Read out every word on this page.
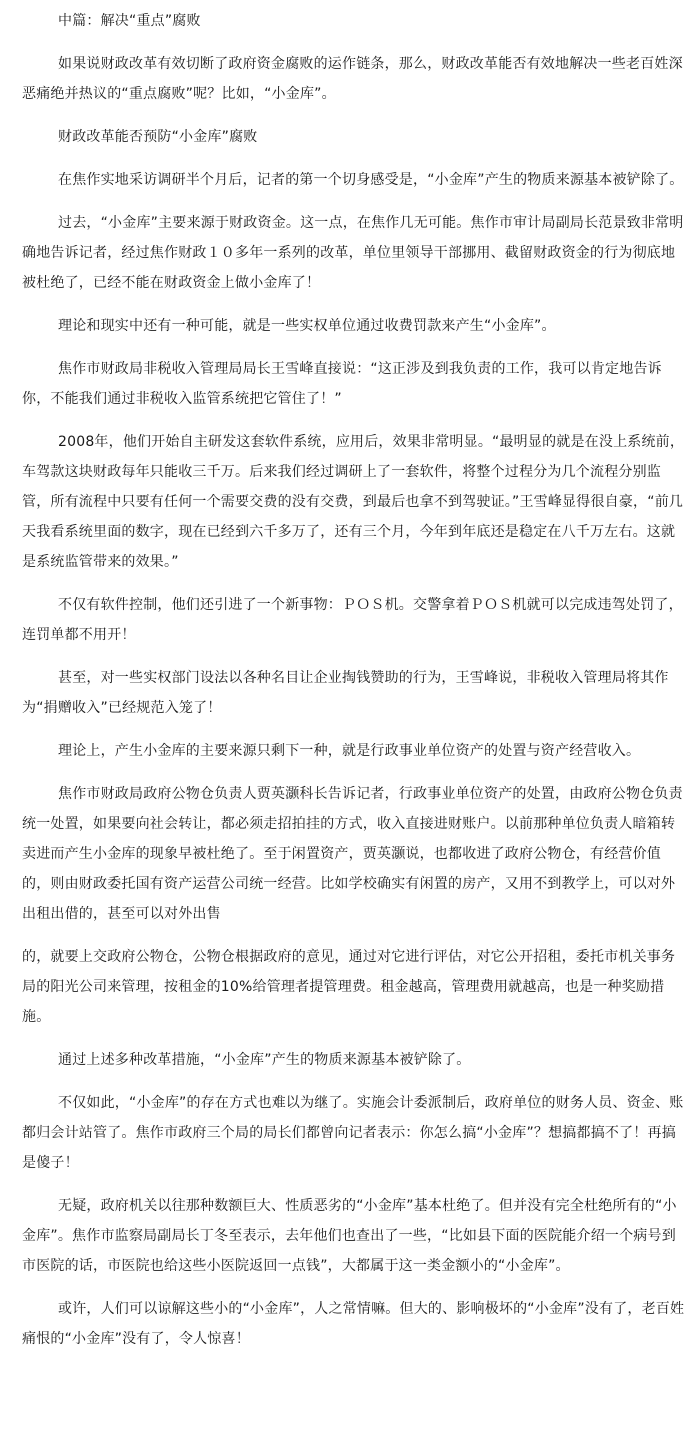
中篇：解决“重点”腐败

如果说财政改革有效切断了政府资金腐败的运作链条，那么，财政改革能否有效地解决一些老百姓深恶痛绝并热议的“重点腐败”呢？比如，“小金库”。

财政改革能否预防“小金库”腐败

在焦作实地采访调研半个月后，记者的第一个切身感受是，“小金库”产生的物质来源基本被铲除了。

过去，“小金库”主要来源于财政资金。这一点，在焦作几无可能。焦作市审计局副局长范景致非常明确地告诉记者，经过焦作财政１０多年一系列的改革，单位里领导干部挪用、截留财政资金的行为彻底地被杜绝了，已经不能在财政资金上做小金库了！

理论和现实中还有一种可能，就是一些实权单位通过收费罚款来产生“小金库”。

焦作市财政局非税收入管理局局长王雪峰直接说：“这正涉及到我负责的工作，我可以肯定地告诉你，不能我们通过非税收入监管系统把它管住了！”

2008年，他们开始自主研发这套软件系统，应用后，效果非常明显。“最明显的就是在没上系统前，车驾款这块财政每年只能收三千万。后来我们经过调研上了一套软件，将整个过程分为几个流程分别监管，所有流程中只要有任何一个需要交费的没有交费，到最后也拿不到驾驶证。”王雪峰显得很自豪，“前几天我看系统里面的数字，现在已经到六千多万了，还有三个月，今年到年底还是稳定在八千万左右。这就是系统监管带来的效果。”

不仅有软件控制，他们还引进了一个新事物：ＰＯＳ机。交警拿着ＰＯＳ机就可以完成违驾处罚了，连罚单都不用开！

甚至，对一些实权部门设法以各种名目让企业掏钱赞助的行为，王雪峰说，非税收入管理局将其作为“捐赠收入”已经规范入笼了！

理论上，产生小金库的主要来源只剩下一种，就是行政事业单位资产的处置与资产经营收入。

焦作市财政局政府公物仓负责人贾英灏科长告诉记者，行政事业单位资产的处置，由政府公物仓负责统一处置，如果要向社会转让，都必须走招拍挂的方式，收入直接进财账户。以前那种单位负责人暗箱转卖进而产生小金库的现象早被杜绝了。至于闲置资产，贾英灏说，也都收进了政府公物仓，有经营价值的，则由财政委托国有资产运营公司统一经营。比如学校确实有闲置的房产，又用不到教学上，可以对外出租出借的，甚至可以对外出售

的，就要上交政府公物仓，公物仓根据政府的意见，通过对它进行评估，对它公开招租，委托市机关事务局的阳光公司来管理，按租金的10%给管理者提管理费。租金越高，管理费用就越高，也是一种奖励措施。

通过上述多种改革措施，“小金库”产生的物质来源基本被铲除了。

不仅如此，“小金库”的存在方式也难以为继了。实施会计委派制后，政府单位的财务人员、资金、账都归会计站管了。焦作市政府三个局的局长们都曾向记者表示：你怎么搞“小金库”？想搞都搞不了！再搞是傻子！

无疑，政府机关以往那种数额巨大、性质恶劣的“小金库”基本杜绝了。但并没有完全杜绝所有的“小金库”。焦作市监察局副局长丁冬至表示，去年他们也查出了一些，“比如县下面的医院能介绍一个病号到市医院的话，市医院也给这些小医院返回一点钱”，大都属于这一类金额小的“小金库”。

或许，人们可以谅解这些小的“小金库”，人之常情嘛。但大的、影响极坏的“小金库”没有了，老百姓痛恨的“小金库”没有了，令人惊喜！
